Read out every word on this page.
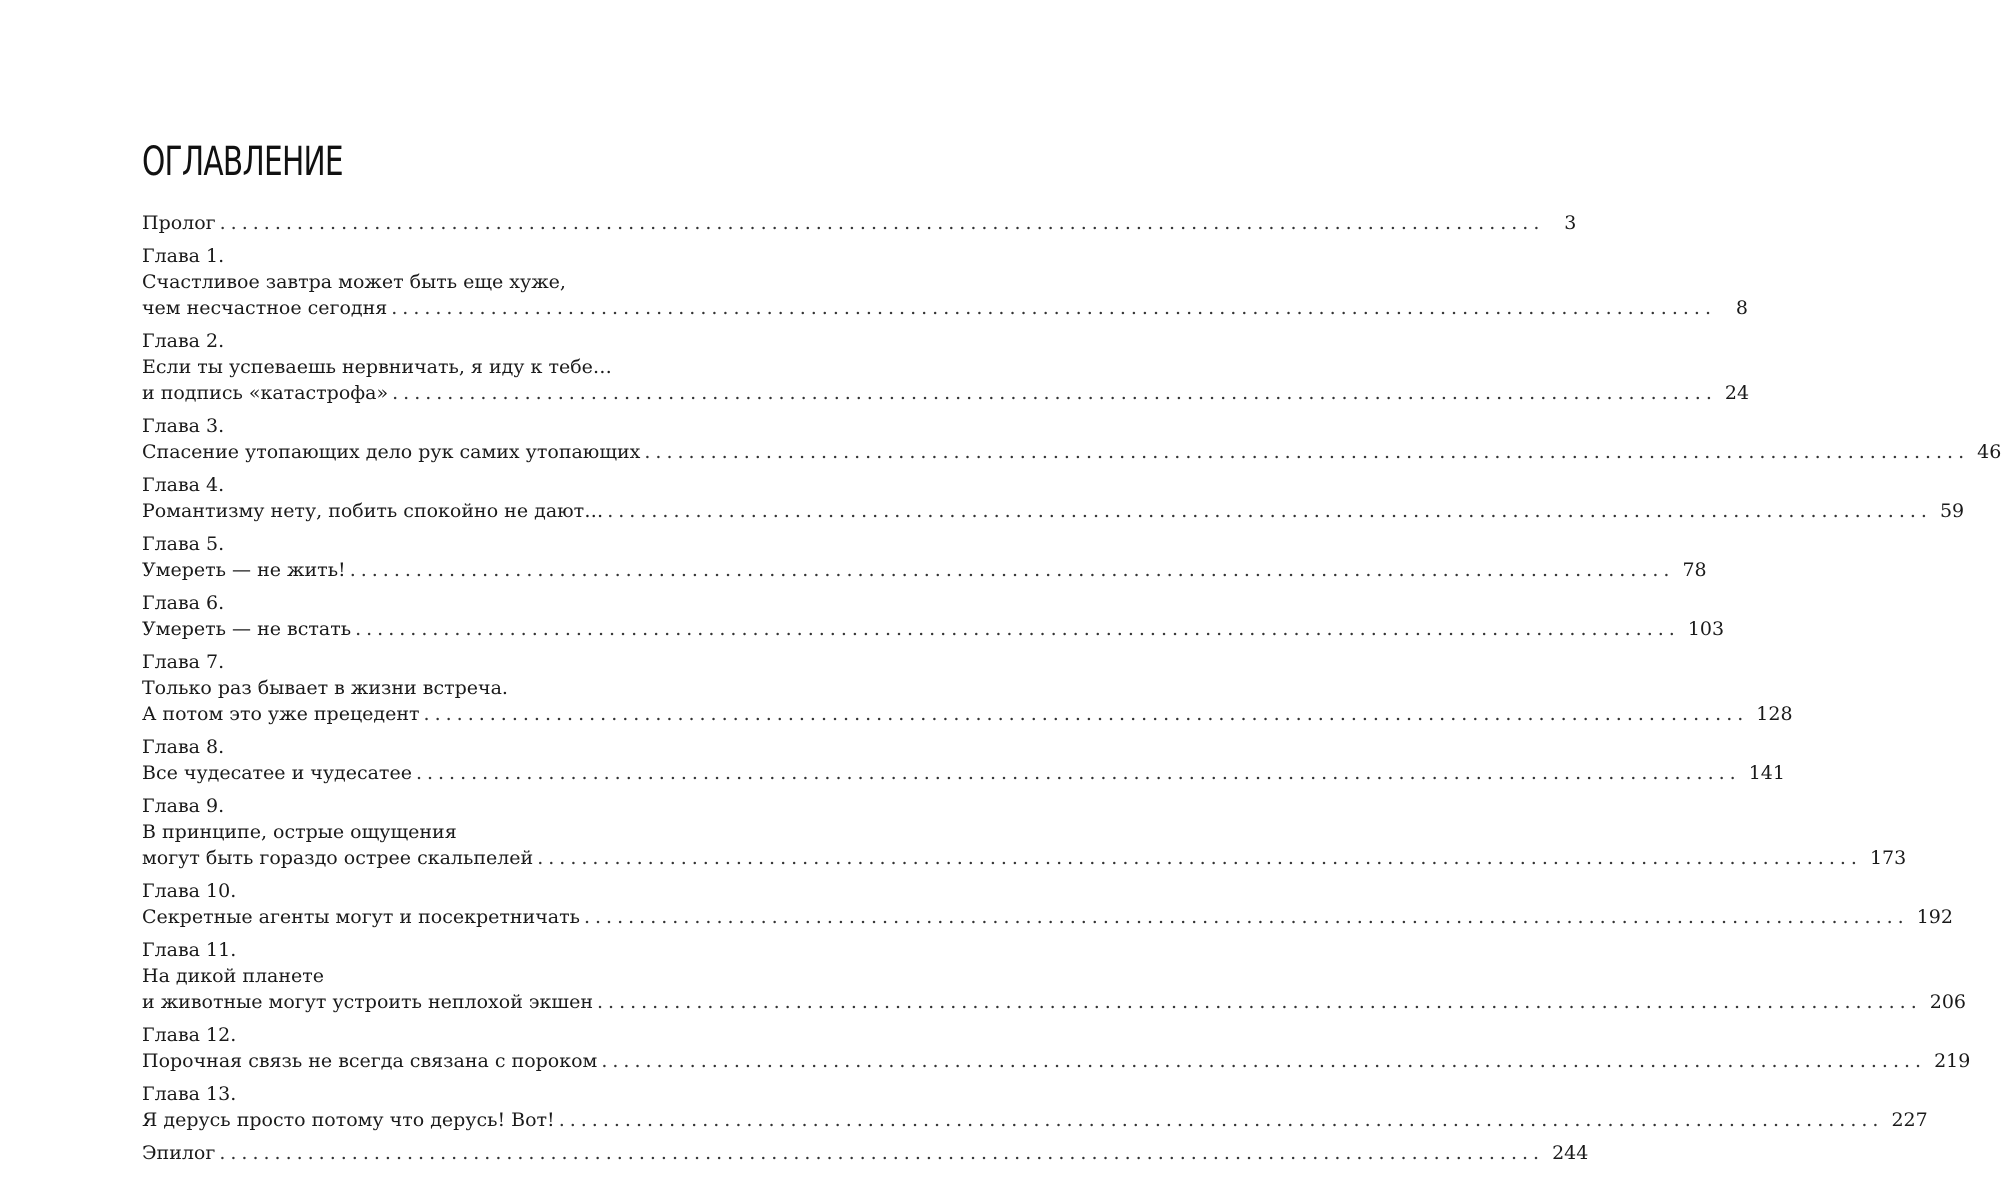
ОГЛАВЛЕНИЕ
Пролог ........................................................................................................................	3
Глава 1.
Счастливое завтра может быть еще хуже,
чем несчастное сегодня ........................................................................................................................	8
Глава 2.
Если ты успеваешь нервничать, я иду к тебе…
и подпись «катастрофа» ........................................................................................................................ 24
Глава 3.
Спасение утопающих дело рук самих утопающих ........................................................................................................................ 46
Глава 4.
Романтизму нету, побить спокойно не дают… ........................................................................................................................ 59
Глава 5.
Умереть — не жить! ........................................................................................................................ 78
Глава 6.
Умереть — не встать ........................................................................................................................ 103
Глава 7.
Только раз бывает в жизни встреча.
А потом это уже прецедент ........................................................................................................................ 128
Глава 8.
Все чудесатее и чудесатее ........................................................................................................................ 141
Глава 9.
В принципе, острые ощущения
могут быть гораздо острее скальпелей ........................................................................................................................ 173
Глава 10.
Секретные агенты могут и посекретничать ........................................................................................................................ 192
Глава 11.
На дикой планете
и животные могут устроить неплохой экшен ........................................................................................................................ 206
Глава 12.
Порочная связь не всегда связана с пороком ........................................................................................................................ 219
Глава 13.
Я дерусь просто потому что дерусь! Вот! ........................................................................................................................ 227
Эпилог ........................................................................................................................ 244
